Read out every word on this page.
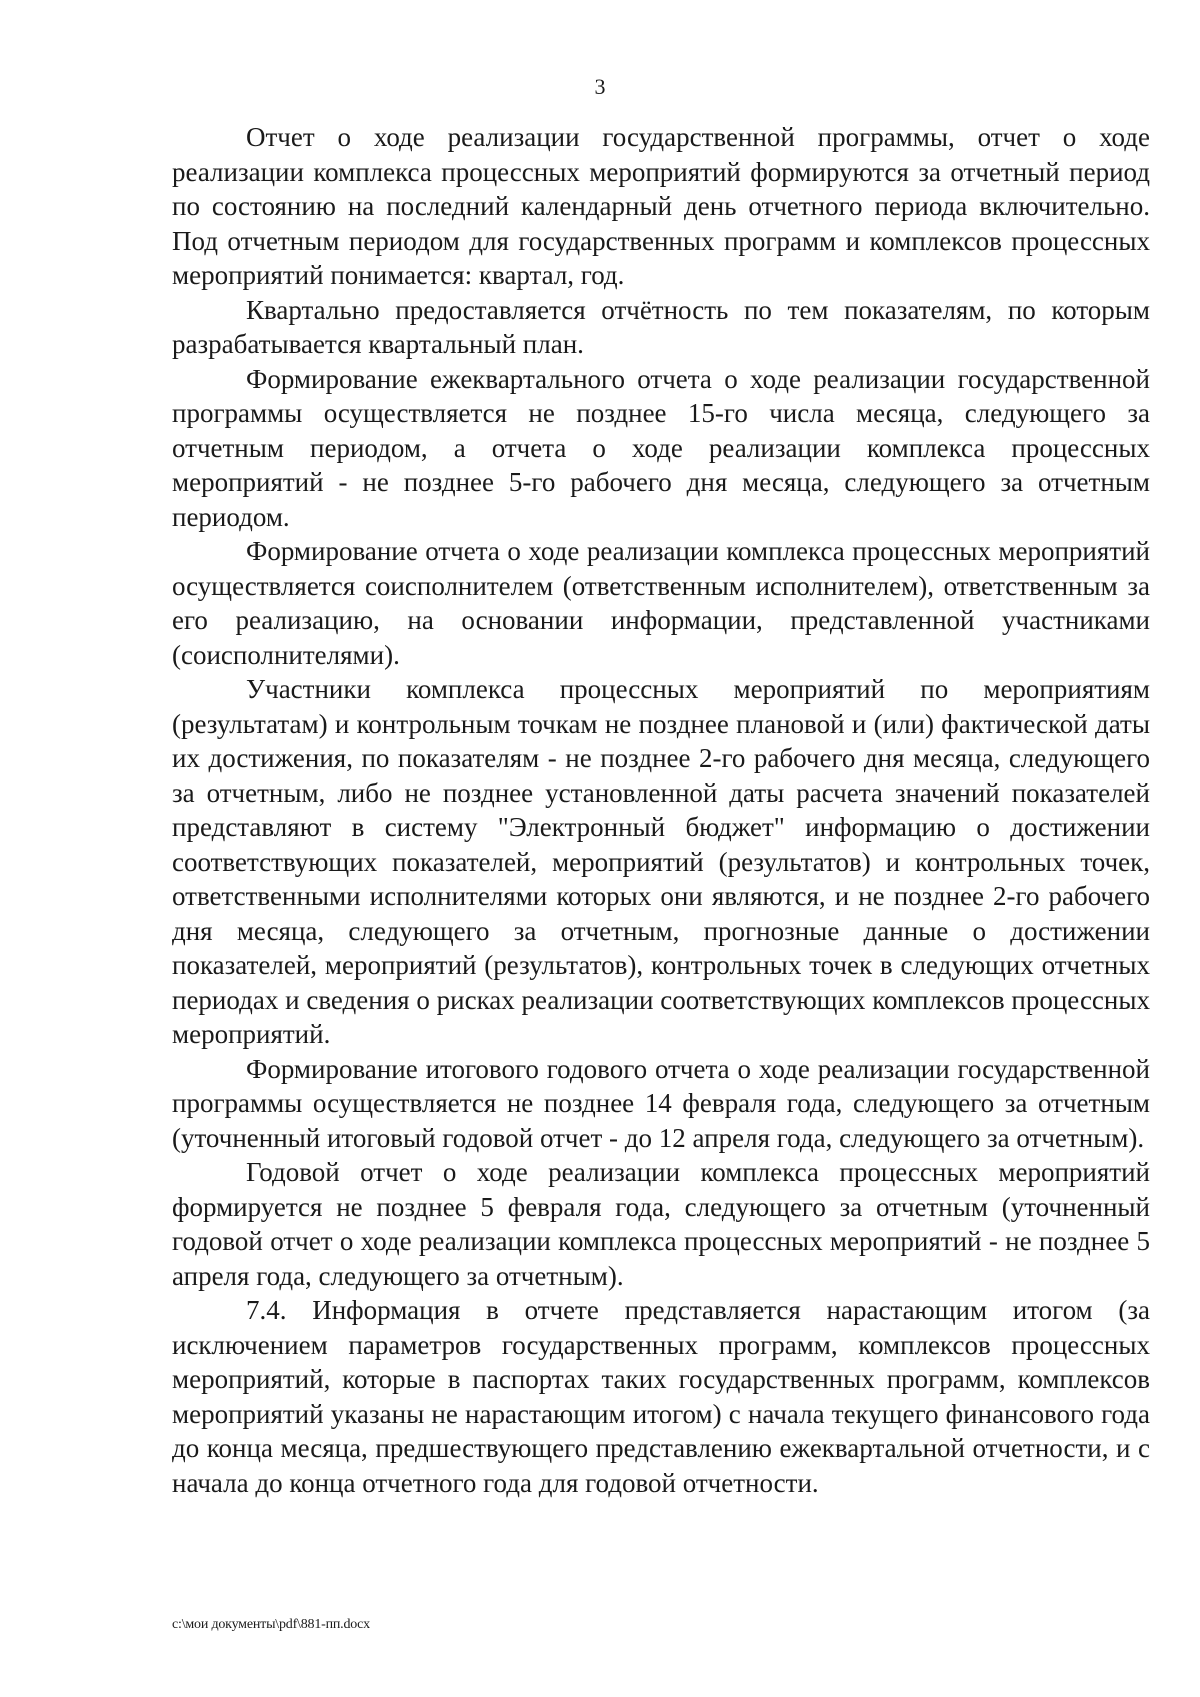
3

Отчет о ходе реализации государственной программы, отчет о ходе реализации комплекса процессных мероприятий формируются за отчетный период по состоянию на последний календарный день отчетного периода включительно. Под отчетным периодом для государственных программ и комплексов процессных мероприятий понимается: квартал, год.

Квартально предоставляется отчётность по тем показателям, по которым разрабатывается квартальный план.

Формирование ежеквартального отчета о ходе реализации государственной программы осуществляется не позднее 15-го числа месяца, следующего за отчетным периодом, а отчета о ходе реализации комплекса процессных мероприятий - не позднее 5-го рабочего дня месяца, следующего за отчетным периодом.

Формирование отчета о ходе реализации комплекса процессных мероприятий осуществляется соисполнителем (ответственным исполнителем), ответственным за его реализацию, на основании информации, представленной участниками (соисполнителями).

Участники комплекса процессных мероприятий по мероприятиям (результатам) и контрольным точкам не позднее плановой и (или) фактической даты их достижения, по показателям - не позднее 2-го рабочего дня месяца, следующего за отчетным, либо не позднее установленной даты расчета значений показателей представляют в систему "Электронный бюджет" информацию о достижении соответствующих показателей, мероприятий (результатов) и контрольных точек, ответственными исполнителями которых они являются, и не позднее 2-го рабочего дня месяца, следующего за отчетным, прогнозные данные о достижении показателей, мероприятий (результатов), контрольных точек в следующих отчетных периодах и сведения о рисках реализации соответствующих комплексов процессных мероприятий.

Формирование итогового годового отчета о ходе реализации государственной программы осуществляется не позднее 14 февраля года, следующего за отчетным (уточненный итоговый годовой отчет - до 12 апреля года, следующего за отчетным).

Годовой отчет о ходе реализации комплекса процессных мероприятий формируется не позднее 5 февраля года, следующего за отчетным (уточненный годовой отчет о ходе реализации комплекса процессных мероприятий - не позднее 5 апреля года, следующего за отчетным).

7.4. Информация в отчете представляется нарастающим итогом (за исключением параметров государственных программ, комплексов процессных мероприятий, которые в паспортах таких государственных программ, комплексов мероприятий указаны не нарастающим итогом) с начала текущего финансового года до конца месяца, предшествующего представлению ежеквартальной отчетности, и с начала до конца отчетного года для годовой отчетности.

c:\мои документы\pdf\881-пп.docx
